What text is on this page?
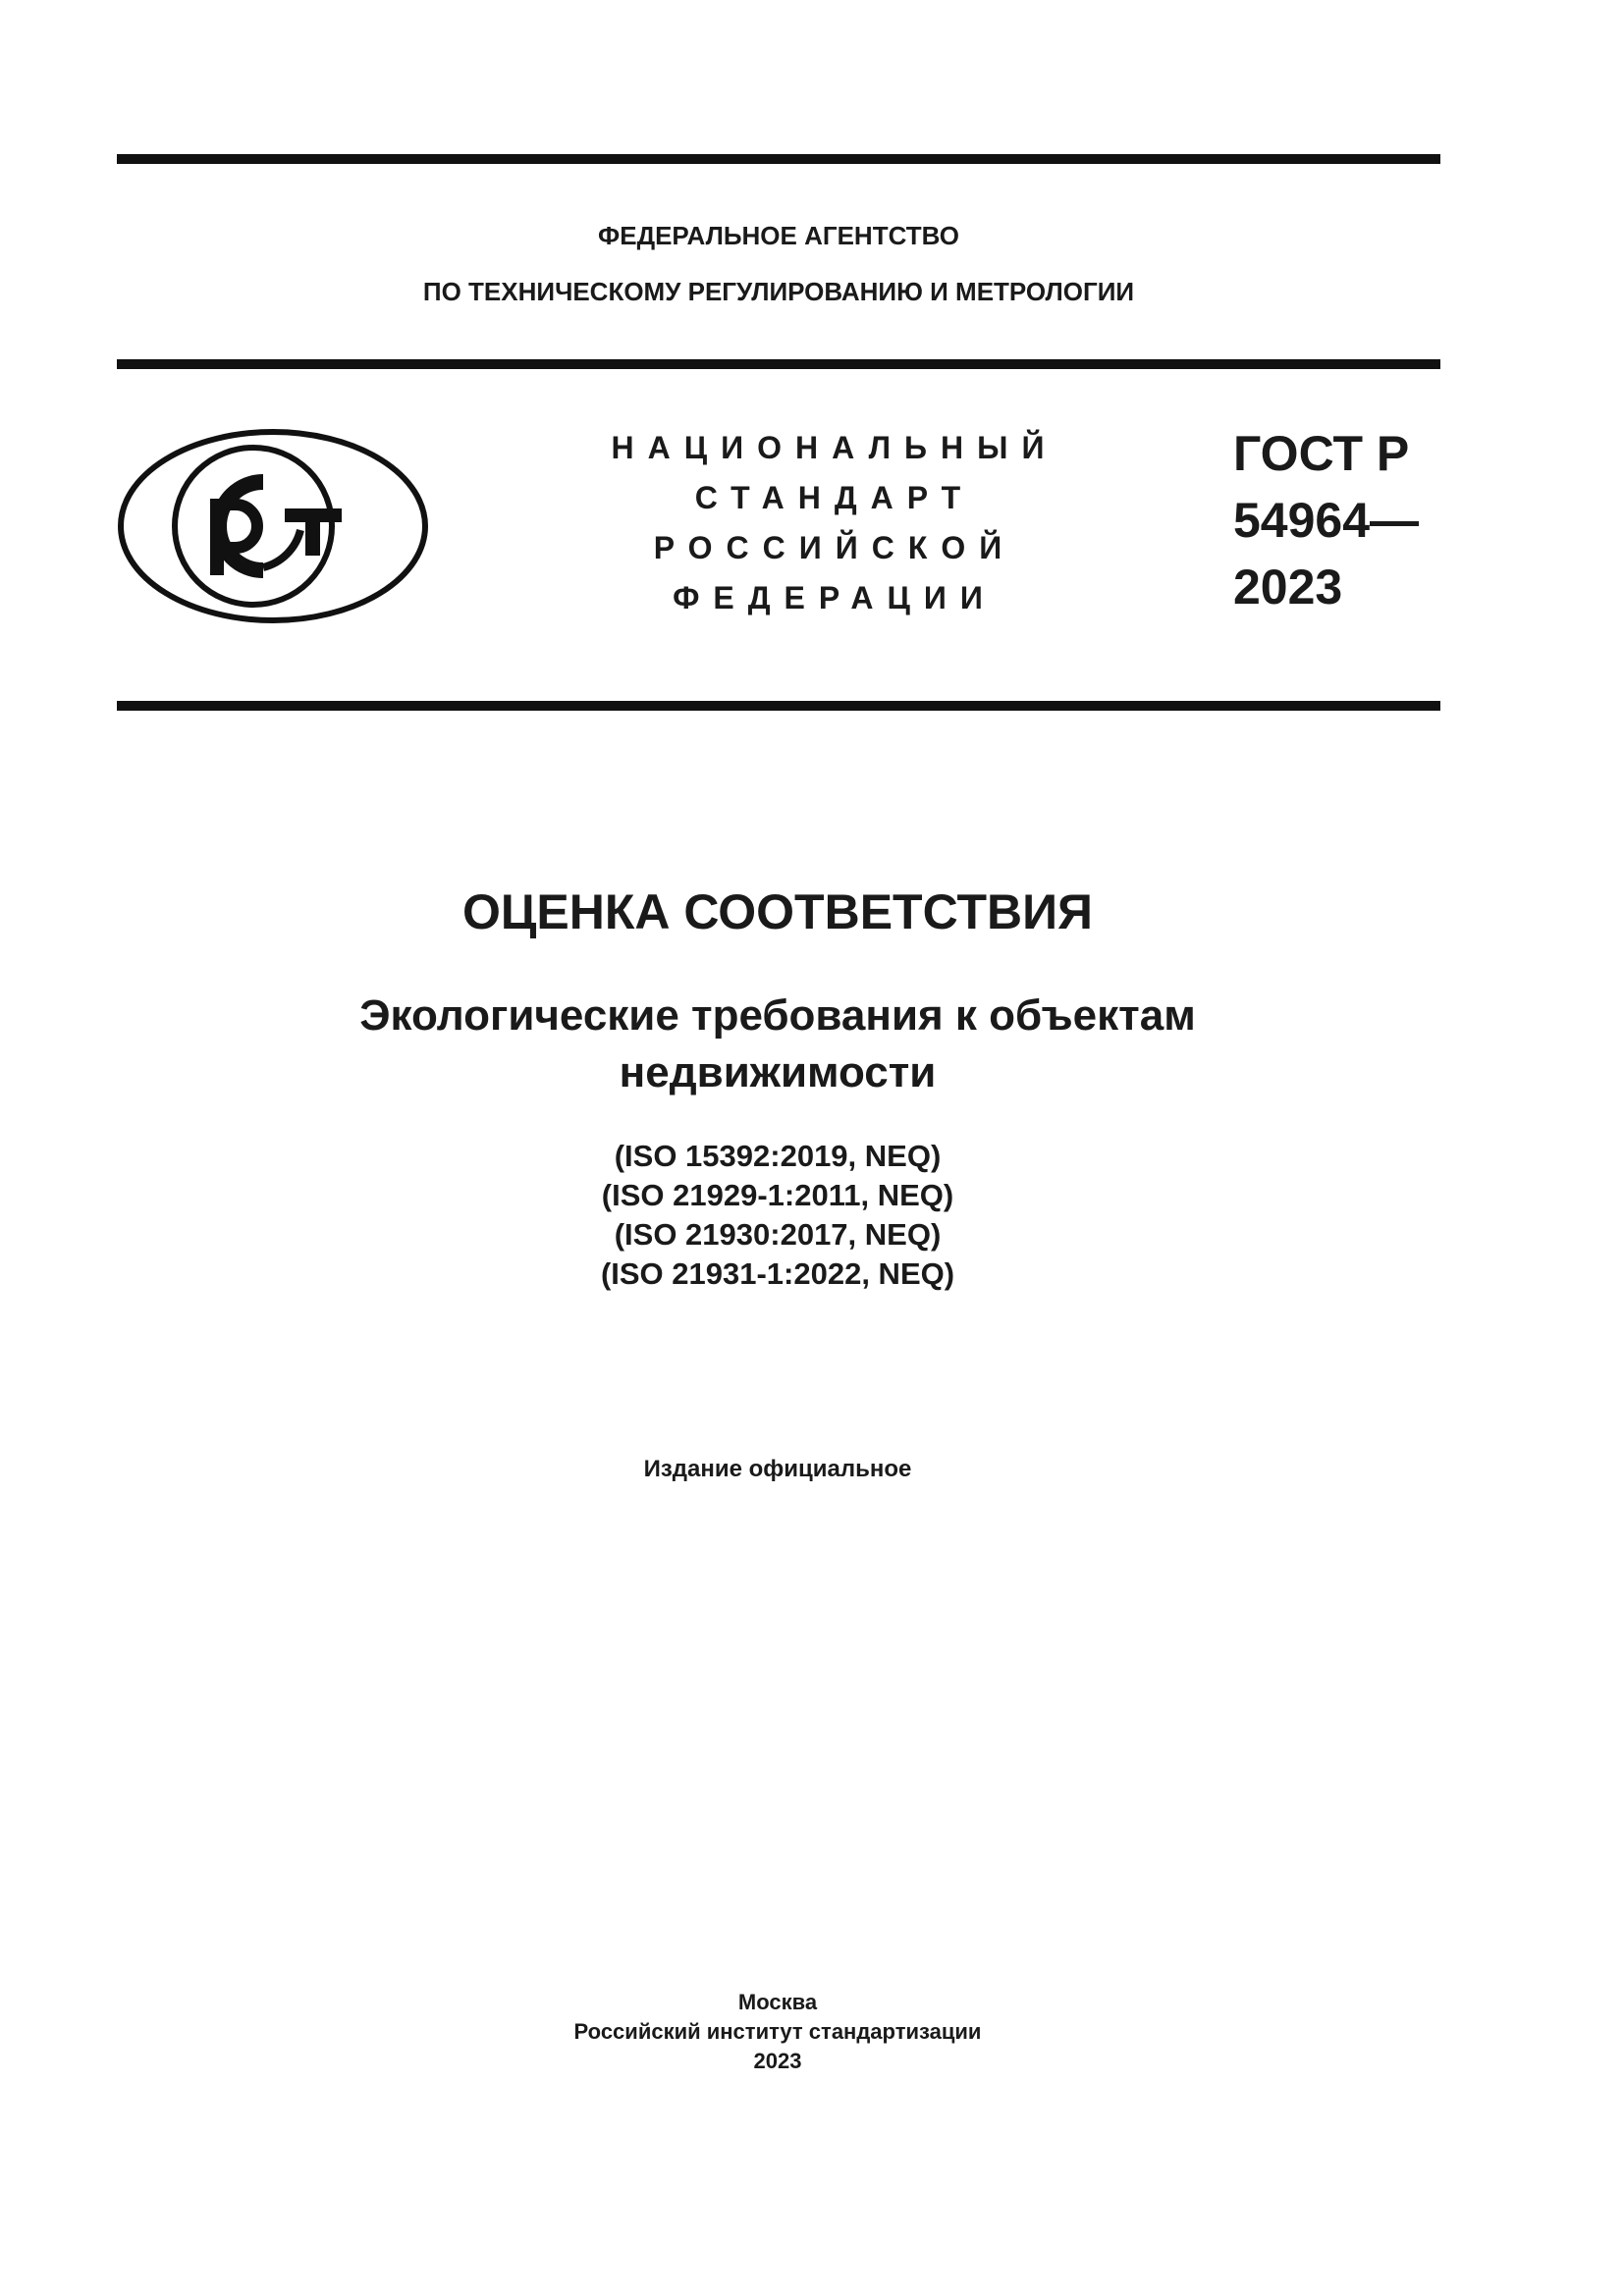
ФЕДЕРАЛЬНОЕ АГЕНТСТВО
ПО ТЕХНИЧЕСКОМУ РЕГУЛИРОВАНИЮ И МЕТРОЛОГИИ
НАЦИОНАЛЬНЫЙ
СТАНДАРТ
РОССИЙСКОЙ
ФЕДЕРАЦИИ
ГОСТ Р
54964—
2023
ОЦЕНКА СООТВЕТСТВИЯ
Экологические требования к объектам
недвижимости
(ISO 15392:2019, NEQ)
(ISO 21929-1:2011, NEQ)
(ISO 21930:2017, NEQ)
(ISO 21931-1:2022, NEQ)
Издание официальное
Москва
Российский институт стандартизации
2023
